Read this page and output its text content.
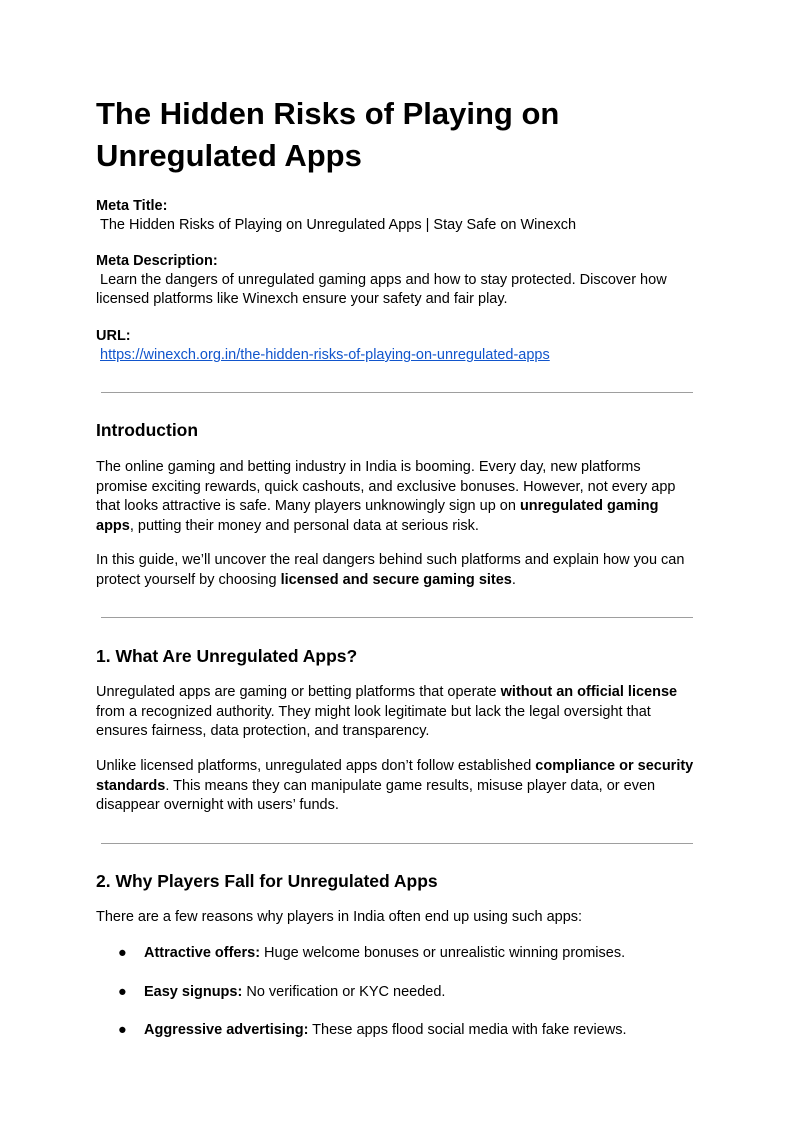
The Hidden Risks of Playing on Unregulated Apps
Meta Title:
The Hidden Risks of Playing on Unregulated Apps | Stay Safe on Winexch
Meta Description:
Learn the dangers of unregulated gaming apps and how to stay protected. Discover how licensed platforms like Winexch ensure your safety and fair play.
URL:
https://winexch.org.in/the-hidden-risks-of-playing-on-unregulated-apps
Introduction

The online gaming and betting industry in India is booming. Every day, new platforms promise exciting rewards, quick cashouts, and exclusive bonuses. However, not every app that looks attractive is safe. Many players unknowingly sign up on unregulated gaming apps, putting their money and personal data at serious risk.

In this guide, we’ll uncover the real dangers behind such platforms and explain how you can protect yourself by choosing licensed and secure gaming sites.

1. What Are Unregulated Apps?

Unregulated apps are gaming or betting platforms that operate without an official license from a recognized authority. They might look legitimate but lack the legal oversight that ensures fairness, data protection, and transparency.

Unlike licensed platforms, unregulated apps don’t follow established compliance or security standards. This means they can manipulate game results, misuse player data, or even disappear overnight with users’ funds.

2. Why Players Fall for Unregulated Apps

There are a few reasons why players in India often end up using such apps:

● Attractive offers: Huge welcome bonuses or unrealistic winning promises.
● Easy signups: No verification or KYC needed.
● Aggressive advertising: These apps flood social media with fake reviews.
